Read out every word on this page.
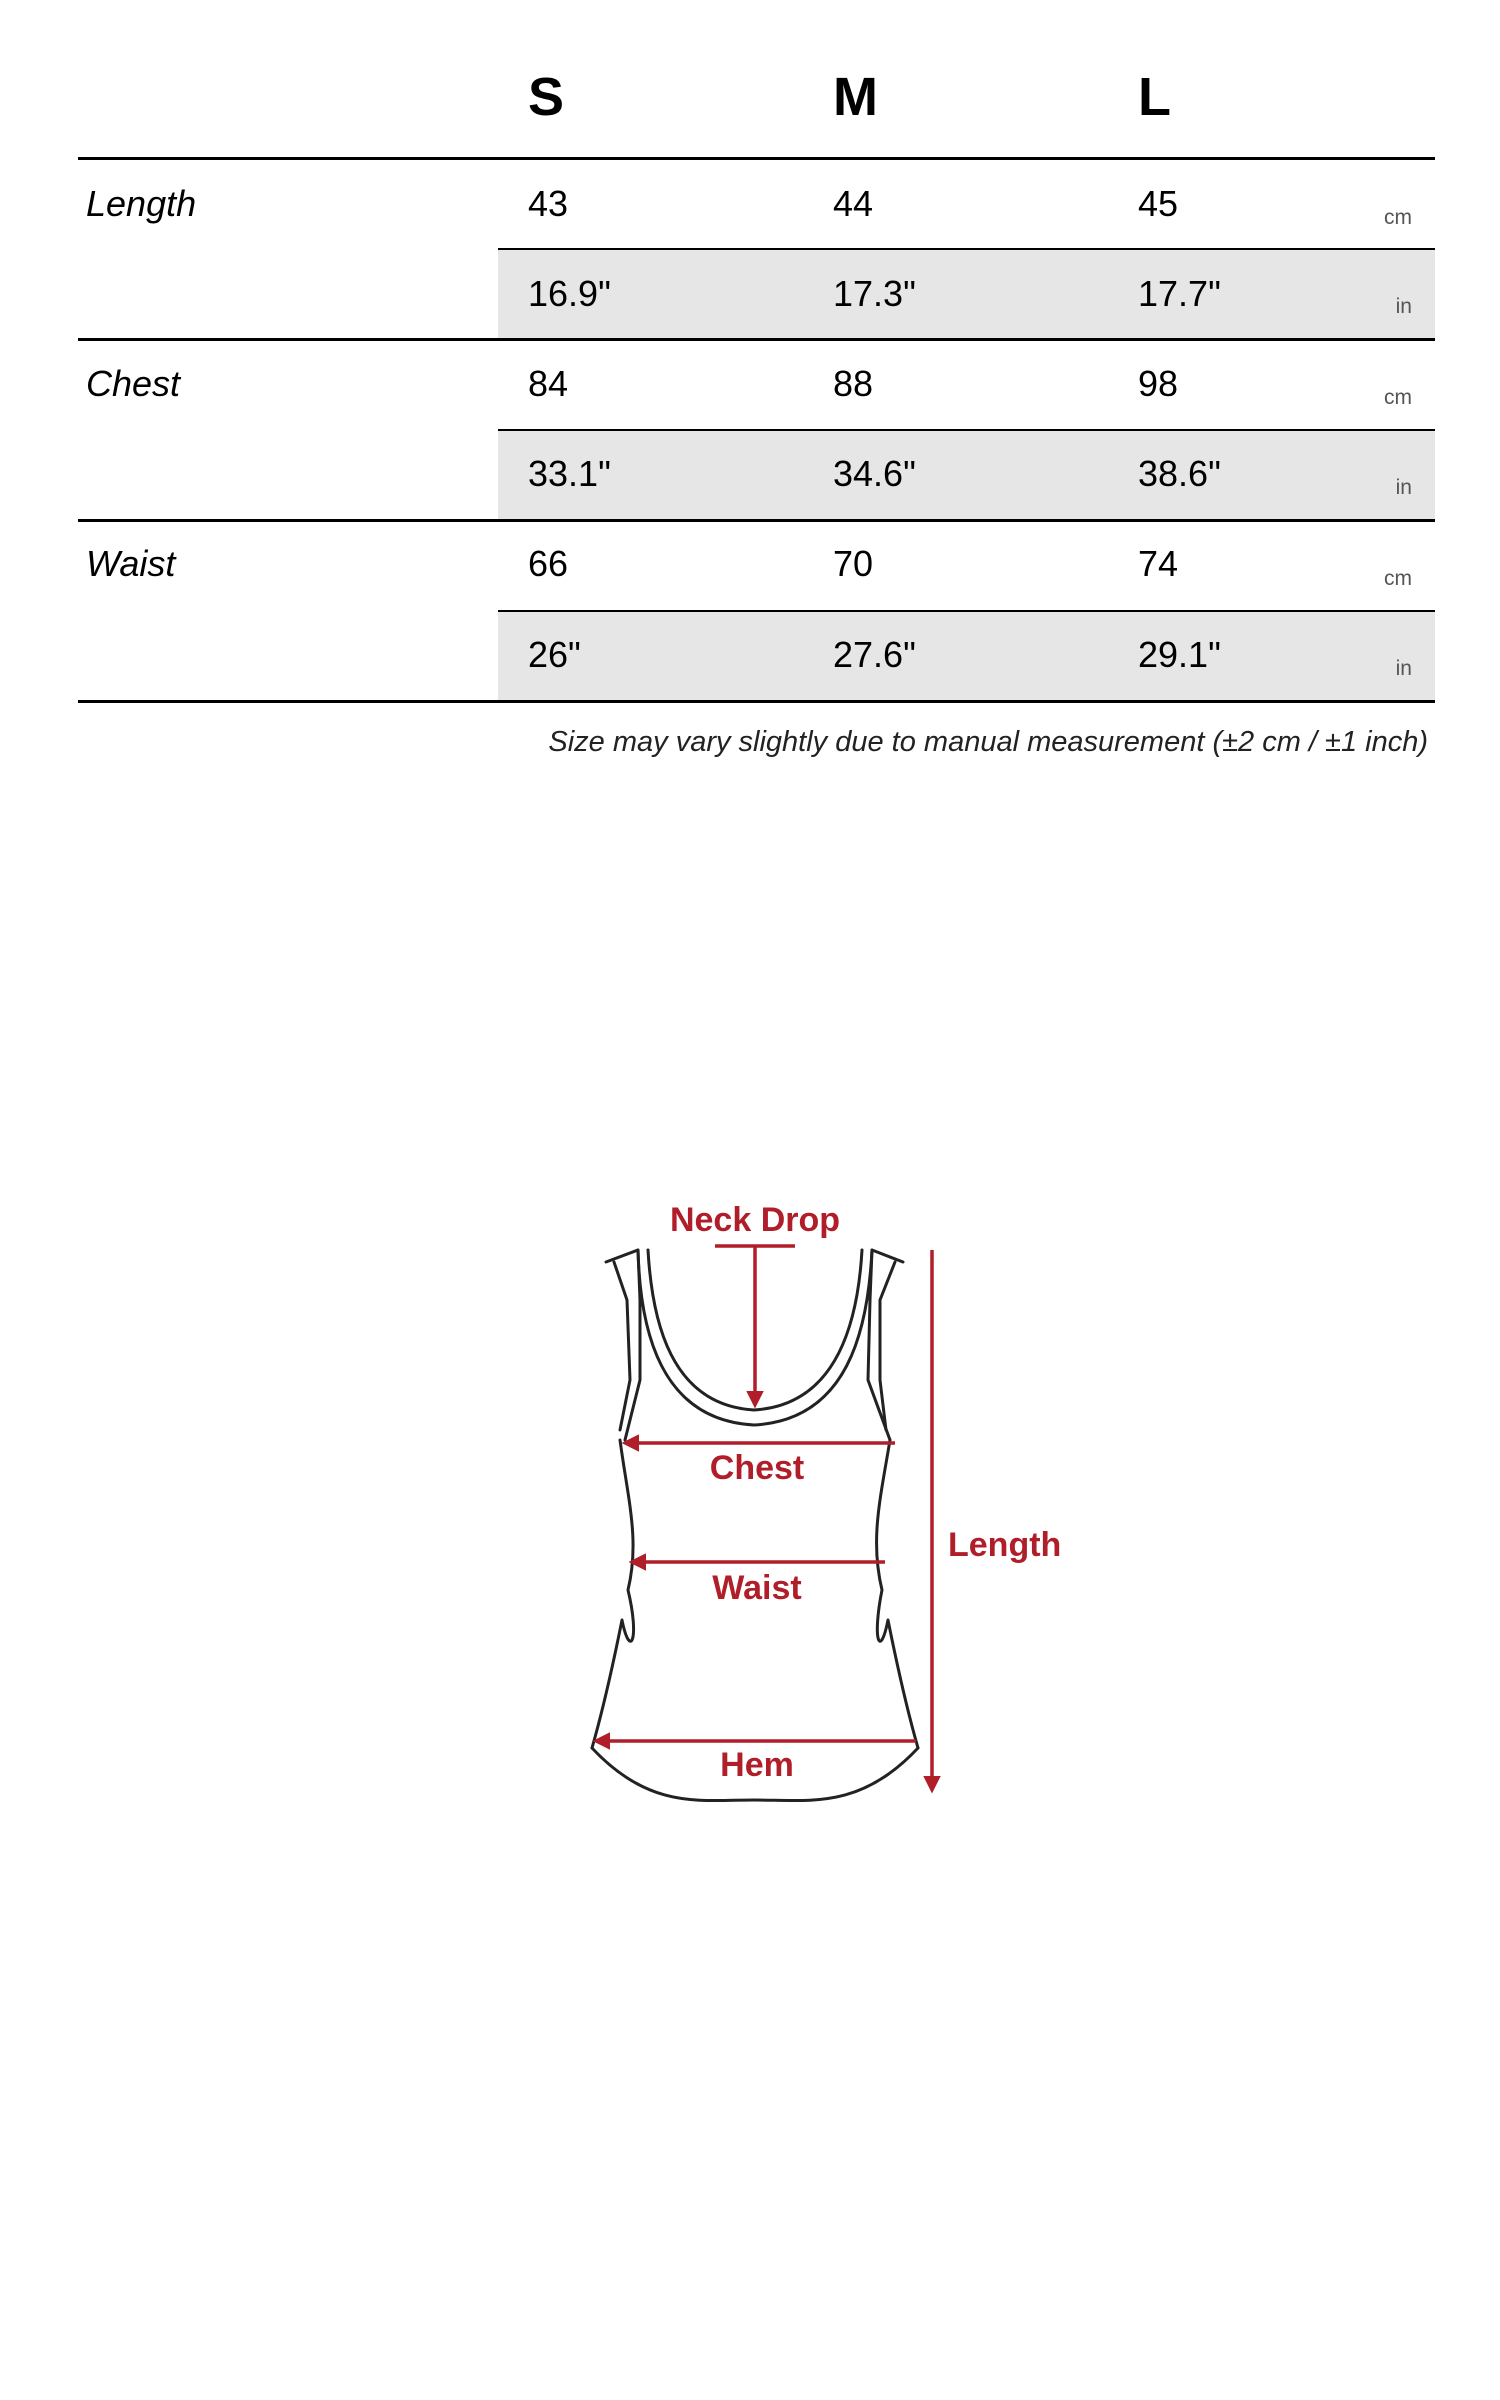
S	M	L
Length	43	44	45	cm
16.9"	17.3"	17.7"	in
Chest	84	88	98	cm
33.1"	34.6"	38.6"	in
Waist	66	70	74	cm
26"	27.6"	29.1"	in
Size may vary slightly due to manual measurement (±2 cm / ±1 inch)
Neck Drop
Chest
Waist
Hem
Length
